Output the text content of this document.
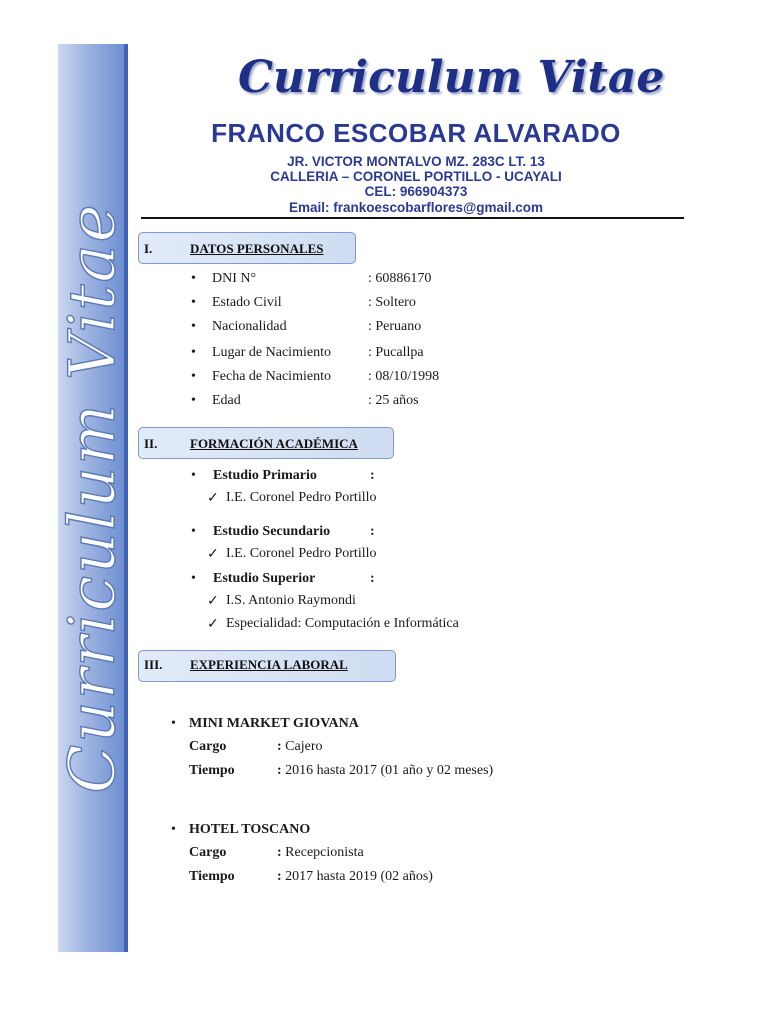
Curriculum Vitae
Curriculum Vitae
FRANCO ESCOBAR ALVARADO
JR. VICTOR MONTALVO MZ. 283C LT. 13
CALLERIA – CORONEL PORTILLO - UCAYALI
CEL: 966904373
Email: frankoescobarflores@gmail.com
I.	DATOS PERSONALES
• DNI N°	: 60886170
• Estado Civil	: Soltero
• Nacionalidad	: Peruano
• Lugar de Nacimiento	: Pucallpa
• Fecha de Nacimiento	: 08/10/1998
• Edad	: 25 años
II.	FORMACIÓN ACADÉMICA
• Estudio Primario	:
✓ I.E. Coronel Pedro Portillo
• Estudio Secundario	:
✓ I.E. Coronel Pedro Portillo
• Estudio Superior	:
✓ I.S. Antonio Raymondi
✓ Especialidad: Computación e Informática
III. EXPERIENCIA LABORAL
• MINI MARKET GIOVANA
Cargo	: Cajero
Tiempo	: 2016 hasta 2017 (01 año y 02 meses)
• HOTEL TOSCANO
Cargo	: Recepcionista
Tiempo	: 2017 hasta 2019 (02 años)
